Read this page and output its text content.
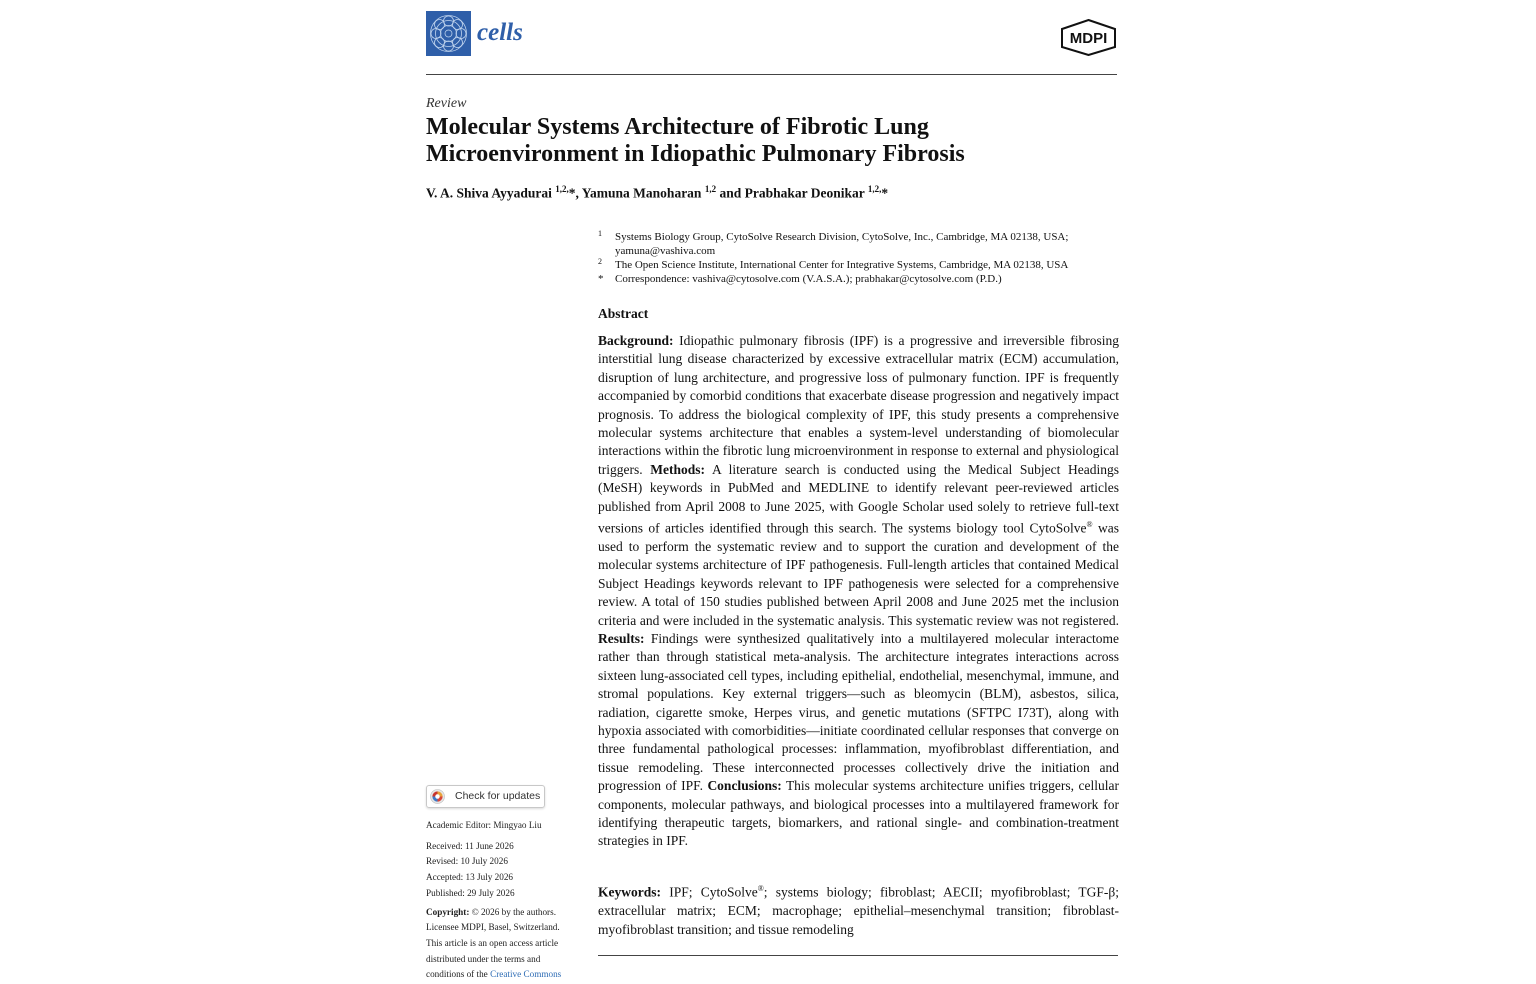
cells	MDPI
Review
Molecular Systems Architecture of Fibrotic Lung
Microenvironment in Idiopathic Pulmonary Fibrosis
V. A. Shiva Ayyadurai $^{1,2,}$*, Yamuna Manoharan $^{1,2}$ and Prabhakar Deonikar $^{1,2,}$*
1 Systems Biology Group, CytoSolve Research Division, CytoSolve, Inc., Cambridge, MA 02138, USA;
yamuna@vashiva.com
2 The Open Science Institute, International Center for Integrative Systems, Cambridge, MA 02138, USA
* Correspondence: vashiva@cytosolve.com (V.A.S.A.); prabhakar@cytosolve.com (P.D.)
Abstract

Background: Idiopathic pulmonary fibrosis (IPF) is a progressive and irreversible fibrosing interstitial lung disease characterized by excessive extracellular matrix (ECM) accumulation, disruption of lung architecture, and progressive loss of pulmonary function. IPF is frequently accompanied by comorbid conditions that exacerbate disease progression and negatively impact prognosis. To address the biological complexity of IPF, this study presents a comprehensive molecular systems architecture that enables a system-level understanding of biomolecular interactions within the fibrotic lung microenvironment in response to external and physiological triggers. Methods: A literature search is conducted using the Medical Subject Headings (MeSH) keywords in PubMed and MEDLINE to identify relevant peer-reviewed articles published from April 2008 to June 2025, with Google Scholar used solely to retrieve full-text versions of articles identified through this search. The systems biology tool CytoSolve® was used to perform the systematic review and to support the curation and development of the molecular systems architecture of IPF pathogenesis. Full-length articles that contained Medical Subject Headings keywords relevant to IPF pathogenesis were selected for a comprehensive review. A total of 150 studies published between April 2008 and June 2025 met the inclusion criteria and were included in the systematic analysis. This systematic review was not registered. Results: Findings were synthesized qualitatively into a multilayered molecular interactome rather than through statistical meta-analysis. The architecture integrates interactions across sixteen lung-associated cell types, including epithelial, endothelial, mesenchymal, immune, and stromal populations. Key external triggers—such as bleomycin (BLM), asbestos, silica, radiation, cigarette smoke, Herpes virus, and genetic mutations (SFTPC I73T), along with hypoxia associated with comorbidities—initiate coordinated cellular responses that converge on three fundamental pathological processes: inflammation, myofibroblast differentiation, and tissue remodeling. These interconnected processes collectively drive the initiation and progression of IPF. Conclusions: This molecular systems architecture unifies triggers, cellular components, molecular pathways, and biological processes into a multilayered framework for identifying therapeutic targets, biomarkers, and rational single- and combination-treatment strategies in IPF.

Keywords: IPF; CytoSolve®; systems biology; fibroblast; AECII; myofibroblast; TGF-β; extracellular matrix; ECM; macrophage; epithelial–mesenchymal transition; fibroblast-myofibroblast transition; and tissue remodeling

Check for updates
Academic Editor: Mingyao Liu
Received: 11 June 2026
Revised: 10 July 2026
Accepted: 13 July 2026
Published: 29 July 2026
Copyright: © 2026 by the authors.
Licensee MDPI, Basel, Switzerland.
This article is an open access article
distributed under the terms and
conditions of the Creative Commons
